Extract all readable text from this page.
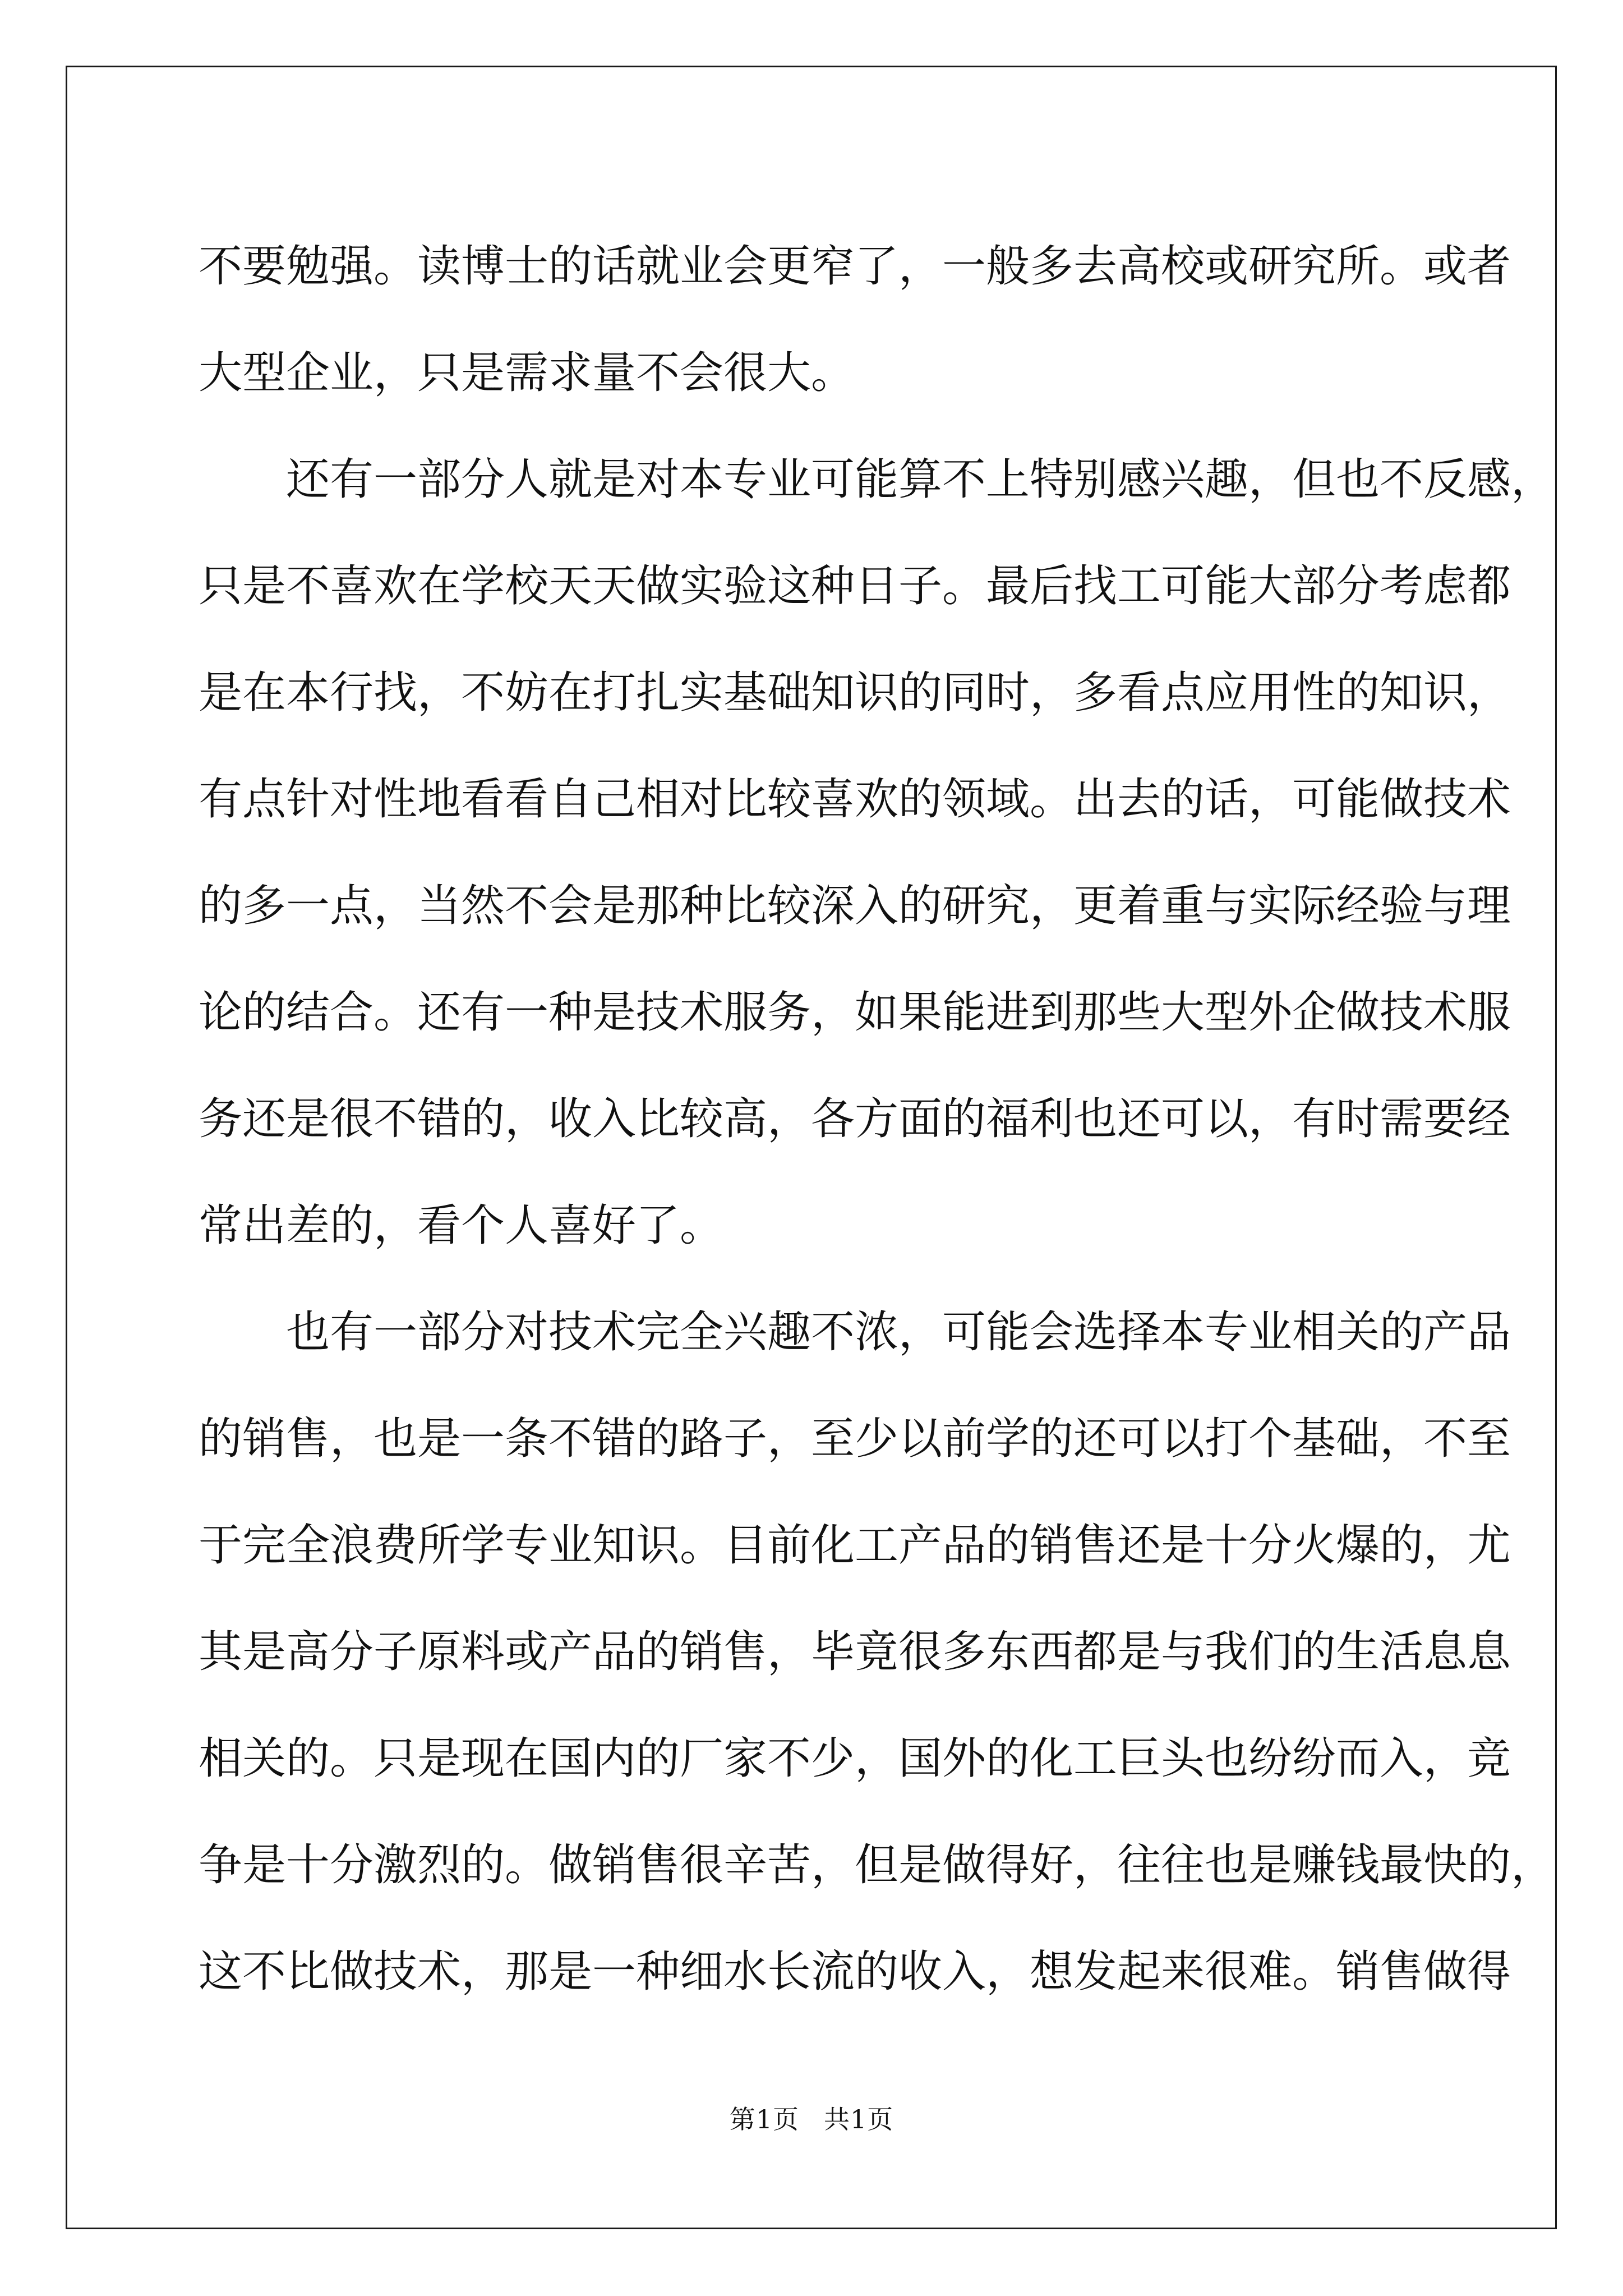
不要勉强。读博士的话就业会更窄了，一般多去高校或研究所。或者
大型企业，只是需求量不会很大。
还有一部分人就是对本专业可能算不上特别感兴趣，但也不反感，
只是不喜欢在学校天天做实验这种日子。最后找工可能大部分考虑都
是在本行找，不妨在打扎实基础知识的同时，多看点应用性的知识，
有点针对性地看看自己相对比较喜欢的领域。出去的话，可能做技术
的多一点，当然不会是那种比较深入的研究，更着重与实际经验与理
论的结合。还有一种是技术服务，如果能进到那些大型外企做技术服
务还是很不错的，收入比较高，各方面的福利也还可以，有时需要经
常出差的，看个人喜好了。
也有一部分对技术完全兴趣不浓，可能会选择本专业相关的产品
的销售，也是一条不错的路子，至少以前学的还可以打个基础，不至
于完全浪费所学专业知识。目前化工产品的销售还是十分火爆的，尤
其是高分子原料或产品的销售，毕竟很多东西都是与我们的生活息息
相关的。只是现在国内的厂家不少，国外的化工巨头也纷纷而入，竞
争是十分激烈的。做销售很辛苦，但是做得好，往往也是赚钱最快的，
这不比做技术，那是一种细水长流的收入，想发起来很难。销售做得
第1页 共1页
